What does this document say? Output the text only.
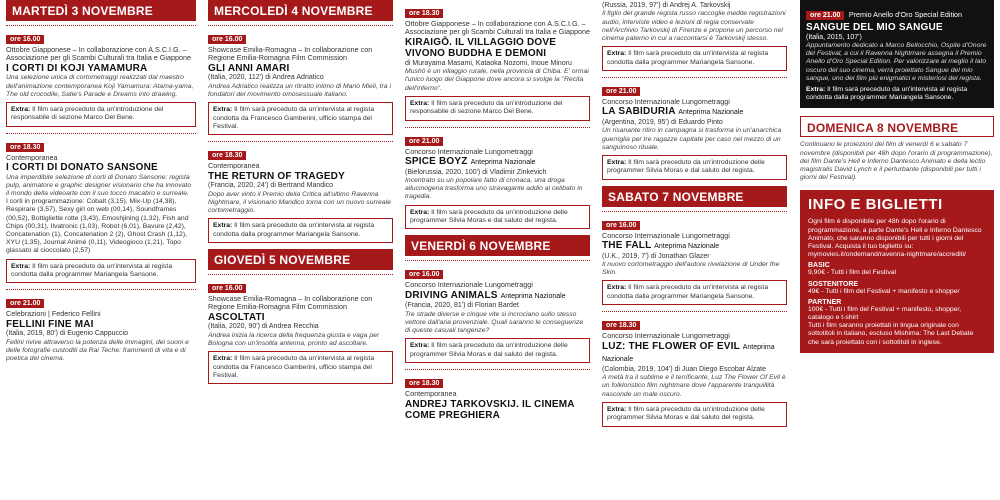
MARTEDÌ 3 NOVEMBRE
ore 16.00
Ottobre Giapponese – In collaborazione con A.S.C.I.G. – Associazione per gli Scambi Culturali tra Italia e Giappone
I CORTI DI KOJI YAMAMURA
Una selezione unica di cortometraggi realizzati dal maestro dell'animazione contemporanea Koji Yamamura: Atama-yama, The old crocodile, Satie's Parade e Dreams into drawing.
Extra: Il film sarà preceduto da un'introduzione del responsabile di sezione Marco Del Bene.
ore 18.30
Contemporanea
I CORTI DI DONATO SANSONE
Una imperdibile selezione di corti di Donato Sansone: regista pulp, animatore e graphic designer visionario che ha innovato il mondo della videoarte con il suo tocco macabro e surreale.
I corti in programmazione: Cobalt (3,15), Mix-Up (14,38), Respirare (3,57), Sexy girl on web (00,14), Soundframes (00,52), Bottigliette rotte (3,43), Emoshjining (1,32), Fish and Chips (00,31), Ilvatronic (1,03), Robot (6,01), Bavure (2,42), Concatenation (1), Concatenation 2 (2), Ghost Crash (1,12), XYU (1,35), Journal Animé (0,11), Videogioco (1,21), Topo glassato al cioccolato (2,57)
Extra: Il film sarà preceduto da un'intervista al regista condotta dalla programmer Mariangela Sansone.
ore 21.00
Celebrazioni | Federico Fellini
FELLINI FINE MAI
(Italia, 2019, 80') di Eugenio Cappuccio
Fellini rivive attraverso la potenza delle immagini, dei suoni e delle fotografie custoditi da Rai Teche: frammenti di vita e di poetica del cinema.
MERCOLEDÌ 4 NOVEMBRE
ore 16.00
Showcase Emilia-Romagna – In collaborazione con Regione Emilia-Romagna Film Commission
GLI ANNI AMARI
(Italia, 2020, 112') di Andrea Adriatico
Andrea Adriatico realizza un ritratto intimo di Mario Mieli, tra i fondatori del movimento omosessuale italiano.
Extra: Il film sarà preceduto da un'intervista al regista condotta da Francesco Gamberini, ufficio stampa del Festival.
ore 18.30
Contemporanea
THE RETURN OF TRAGEDY
(Francia, 2020, 24') di Bertrand Mandico
Dopo aver vinto il Premio della Critica all'ultimo Ravenna Nightmare, il visionario Mandico torna con un nuovo surreale cortometraggio.
Extra: Il film sarà preceduto da un'intervista al regista condotta dalla programmer Mariangela Sansone.
GIOVEDÌ 5 NOVEMBRE
ore 16.00
Showcase Emilia-Romagna – In collaborazione con Regione Emilia-Romagna Film Commission
ASCOLTATI
(Italia, 2020, 90') di Andrea Recchia
Andrea inizia la ricerca della frequenza giusta e vaga per Bologna con un'insolita antenna, pronto ad ascoltare.
Extra: Il film sarà preceduto da un'intervista al regista condotta da Francesco Gamberini, ufficio stampa del Festival.
ore 18.30
Ottobre Giapponese – In collaborazione con A.S.C.I.G. – Associazione per gli Scambi Culturali tra Italia e Giappone
KIRAIGŌ. IL VILLAGGIO DOVE VIVONO BUDDHA E DEMONI
di Murayama Masami, Kataoka Nozomi, Inoue Minoru
Mushō è un villaggio rurale, nella provincia di Chiba. E' ormai l'unico luogo del Giappone dove ancora si svolge la "Recita dell'inferno".
Extra: Il film sarà preceduto da un'introduzione del responsabile di sezione Marco Del Bene.
ore 21.00
Concorso Internazionale Lungometraggi
SPICE BOYZ Anteprima Nazionale
(Bielorussia, 2020, 100') di Vladimir Zinkevich
Incentrato su un popolare fatto di cronaca, una droga allucinogena trasforma uno stravagante addio al celibato in tragedia.
Extra: Il film sarà preceduto da un'introduzione delle programmer Silvia Moras e dal saluto del regista.
VENERDÌ 6 NOVEMBRE
ore 16.00
Concorso Internazionale Lungometraggi
DRIVING ANIMALS Anteprima Nazionale
(Francia, 2020, 81') di Florian Bardet
Tre strade diverse e cinque vite si incrociano sullo stesso vettore dall'aria provenziale. Quali saranno le conseguenze di queste casuali tangenze?
Extra: Il film sarà preceduto da un'introduzione delle programmer Silvia Moras e dal saluto del regista.
ore 18.30
Contemporanea
ANDREJ TARKOVSKIJ. IL CINEMA COME PREGHIERA
(Russia, 2019, 97') di Andrej A. Tarkovskij
Il figlio del grande regista russo raccoglie inedite registrazioni audio, interviste video e lezioni di regia conservate nell'Archivio Tarkovskij di Firenze e propone un percorso nel cinema paterno in cui a raccontarsi è Tarkovskij stesso.
Extra: Il film sarà preceduto da un'intervista al regista condotta dalla programmer Mariangela Sansone.
ore 21.00
Concorso Internazionale Lungometraggi
LA SABIDURIA Anteprima Nazionale
(Argentina, 2019, 95') di Eduardo Pinto
Un risanante ritiro in campagna si trasforma in un'anarchica guerriglia per tre ragazze capitate per caso nel mezzo di un sanguinoso rituale.
Extra: Il film sarà preceduto da un'introduzione delle programmer Silvia Moras e dal saluto del regista.
SABATO 7 NOVEMBRE
ore 16.00
Concorso Internazionale Lungometraggi
THE FALL Anteprima Nazionale
(U.K., 2019, 7') di Jonathan Glazer
Il nuovo cortometraggio dell'autore rivelazione di Under the Skin.
Extra: Il film sarà preceduto da un'intervista al regista condotta dalla programmer Mariangela Sansone.
ore 18.30
Concorso Internazionale Lungometraggi
LUZ: THE FLOWER OF EVIL Anteprima Nazionale
(Colombia, 2019, 104') di Juan Diego Escobar Alzate
A metà tra il sublime e il terrificante, Luz The Flower Of Evil è un folkloristico film nightmare dove l'apparente tranquillità nasconde un male oscuro.
Extra: Il film sarà preceduto da un'introduzione delle programmer Silvia Moras e dal saluto del regista.
ore 21.00 Premio Anello d'Oro Special Edition
SANGUE DEL MIO SANGUE
(Italia, 2015, 107')
Appuntamento dedicato a Marco Bellocchio, Ospite d'Onore del Festival, a cui il Ravenna Nightmare assegna il Premio Anello d'Oro Special Edition. Per valorizzare al meglio il lato oscuro del suo cinema, verrà proiettato Sangue del mio sangue, uno dei film più enigmatici e misteriosi del regista.
Extra: Il film sarà preceduto da un'intervista al regista condotta dalla programmer Mariangela Sansone.
DOMENICA 8 NOVEMBRE
Continuano le proiezioni dei film di venerdì 6 e sabato 7 novembre (disponibili per 48h dopo l'orario di programmazione), dei film Dante's Hell e Inferno Dantesco Animato e della lectio magistralis David Lynch e il perturbante (disponibili per tutti i giorni del Festival).
INFO E BIGLIETTI
Ogni film è disponibile per 48h dopo l'orario di programmazione, a parte Dante's Hell e Inferno Dantesco Animato, che saranno disponibili per tutti i giorni del Festival. Acquista il tuo biglietto su: mymovies.it/ondemand/ravenna-nightmare/accrediti/
BASIC
9,90€ - Tutti i film del Festival
SOSTENITORE
49€ - Tutti i film del Festival + manifesto e shopper
PARTNER
100€ - Tutti i film del Festival + manifesto, shopper, catalogo e t-shirt
Tutti i film saranno proiettati in lingua originale con sottotitoli in italiano, escluso Mishima: The Last Debate che sarà proiettato con i sottotitoli in inglese.
